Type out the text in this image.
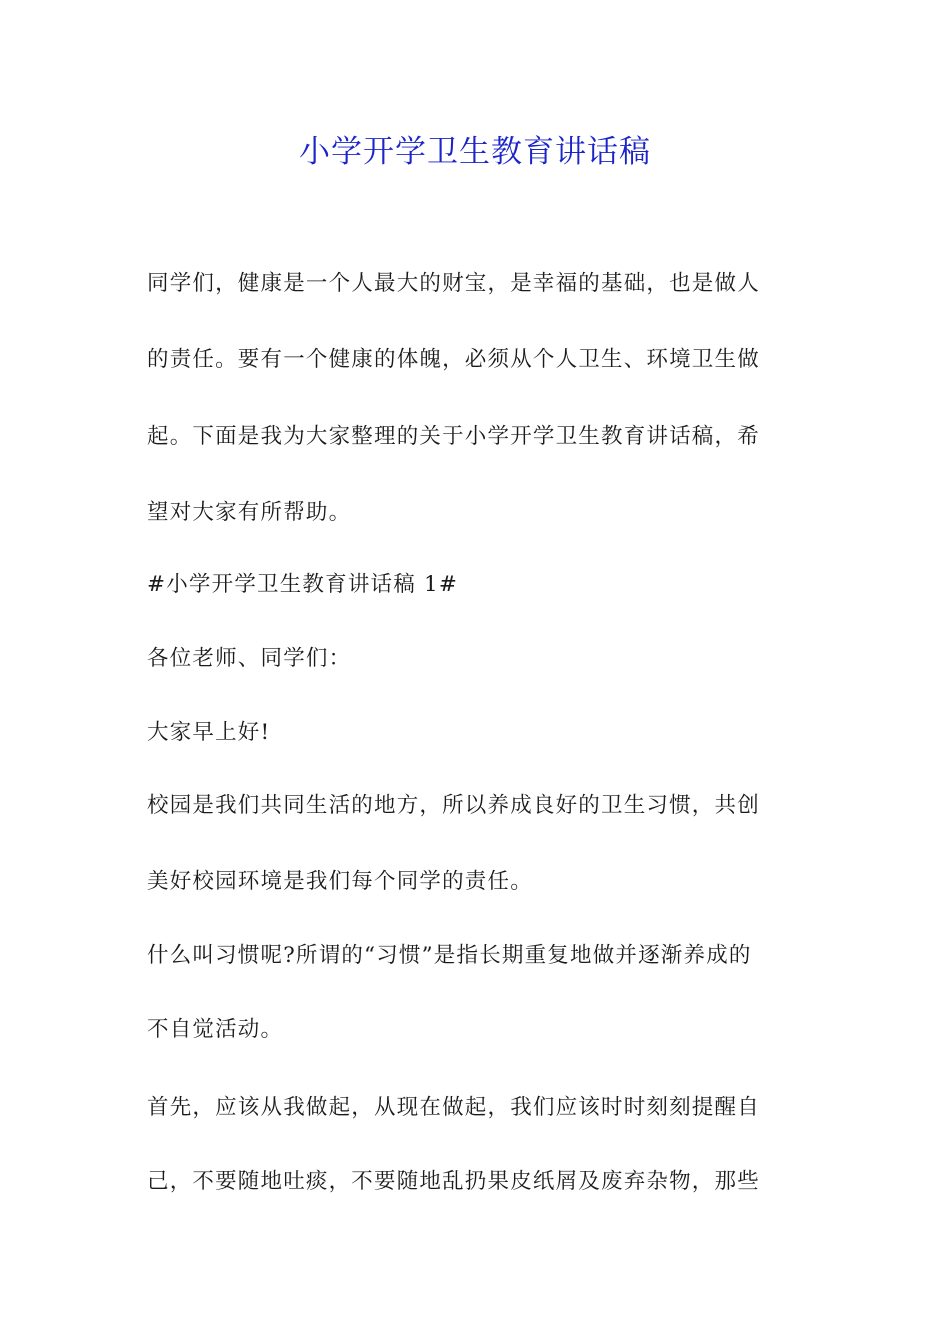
小学开学卫生教育讲话稿
同学们，健康是一个人最大的财宝，是幸福的基础，也是做人
的责任。要有一个健康的体魄，必须从个人卫生、环境卫生做
起。下面是我为大家整理的关于小学开学卫生教育讲话稿，希
望对大家有所帮助。
#小学开学卫生教育讲话稿 1#
各位老师、同学们：
大家早上好!
校园是我们共同生活的地方，所以养成良好的卫生习惯，共创
美好校园环境是我们每个同学的责任。
什么叫习惯呢?所谓的“习惯”是指长期重复地做并逐渐养成的
不自觉活动。
首先，应该从我做起，从现在做起，我们应该时时刻刻提醒自
己，不要随地吐痰，不要随地乱扔果皮纸屑及废弃杂物，那些
